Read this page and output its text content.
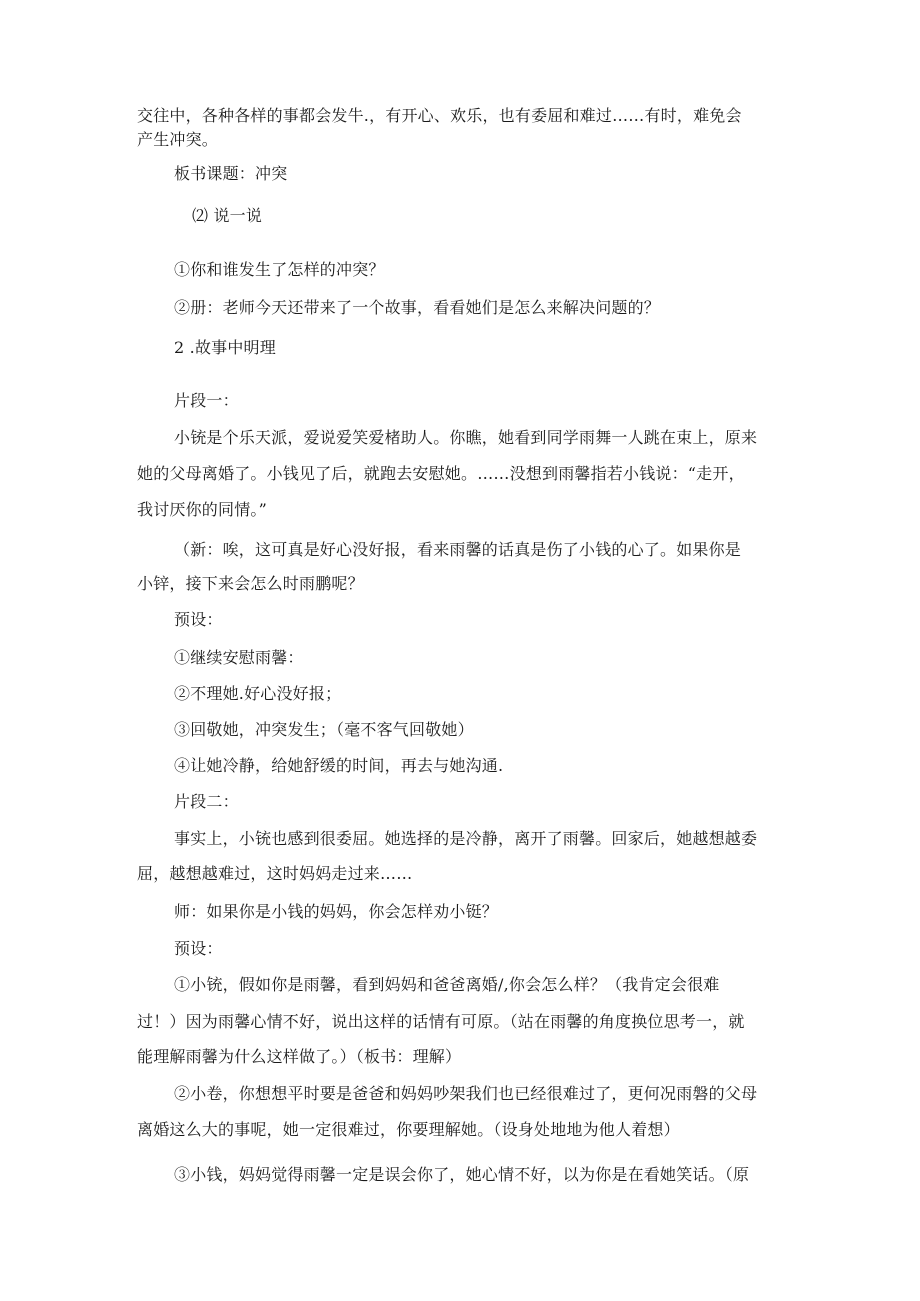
交往中，各种各样的事都会发牛.，有开心、欢乐，也有委屈和难过……有时，难免会
产生冲突。
板书课题：冲突
⑵ 说一说
①你和谁发生了怎样的冲突？
②册：老师今天还带来了一个故事，看看她们是怎么来解决问题的？
2 .故事中明理
片段一：
小铳是个乐天派，爱说爱笑爱楮助人。你瞧，她看到同学雨舞一人跳在束上，原来
她的父母离婚了。小钱见了后，就跑去安慰她。……没想到雨馨指若小钱说：“走开，
我讨厌你的同情。”
（新：唉，这可真是好心没好报，看来雨馨的话真是伤了小钱的心了。如果你是
小锌，接下来会怎么时雨鹏呢？
预设：
①继续安慰雨馨：
②不理她.好心没好报；
③回敬她，冲突发生；（毫不客气回敬她）
④让她冷静，给她舒缓的时间，再去与她沟通.
片段二：
事实上，小铳也感到很委屈。她选择的是冷静，离开了雨馨。回家后，她越想越委
屈，越想越难过，这时妈妈走过来……
师：如果你是小钱的妈妈，你会怎样劝小铤？
预设：
①小铳，假如你是雨馨，看到妈妈和爸爸离婚/,你会怎么样？（我肯定会很难
过！）因为雨馨心情不好，说出这样的话情有可原。（站在雨馨的角度换位思考一，就
能理解雨馨为什么这样做了。）（板书：理解）
②小卷，你想想平时要是爸爸和妈妈吵架我们也已经很难过了，更何况雨磐的父母
离婚这么大的事呢，她一定很难过，你要理解她。（设身处地地为他人着想）
③小钱，妈妈觉得雨馨一定是误会你了，她心情不好，以为你是在看她笑话。（原
